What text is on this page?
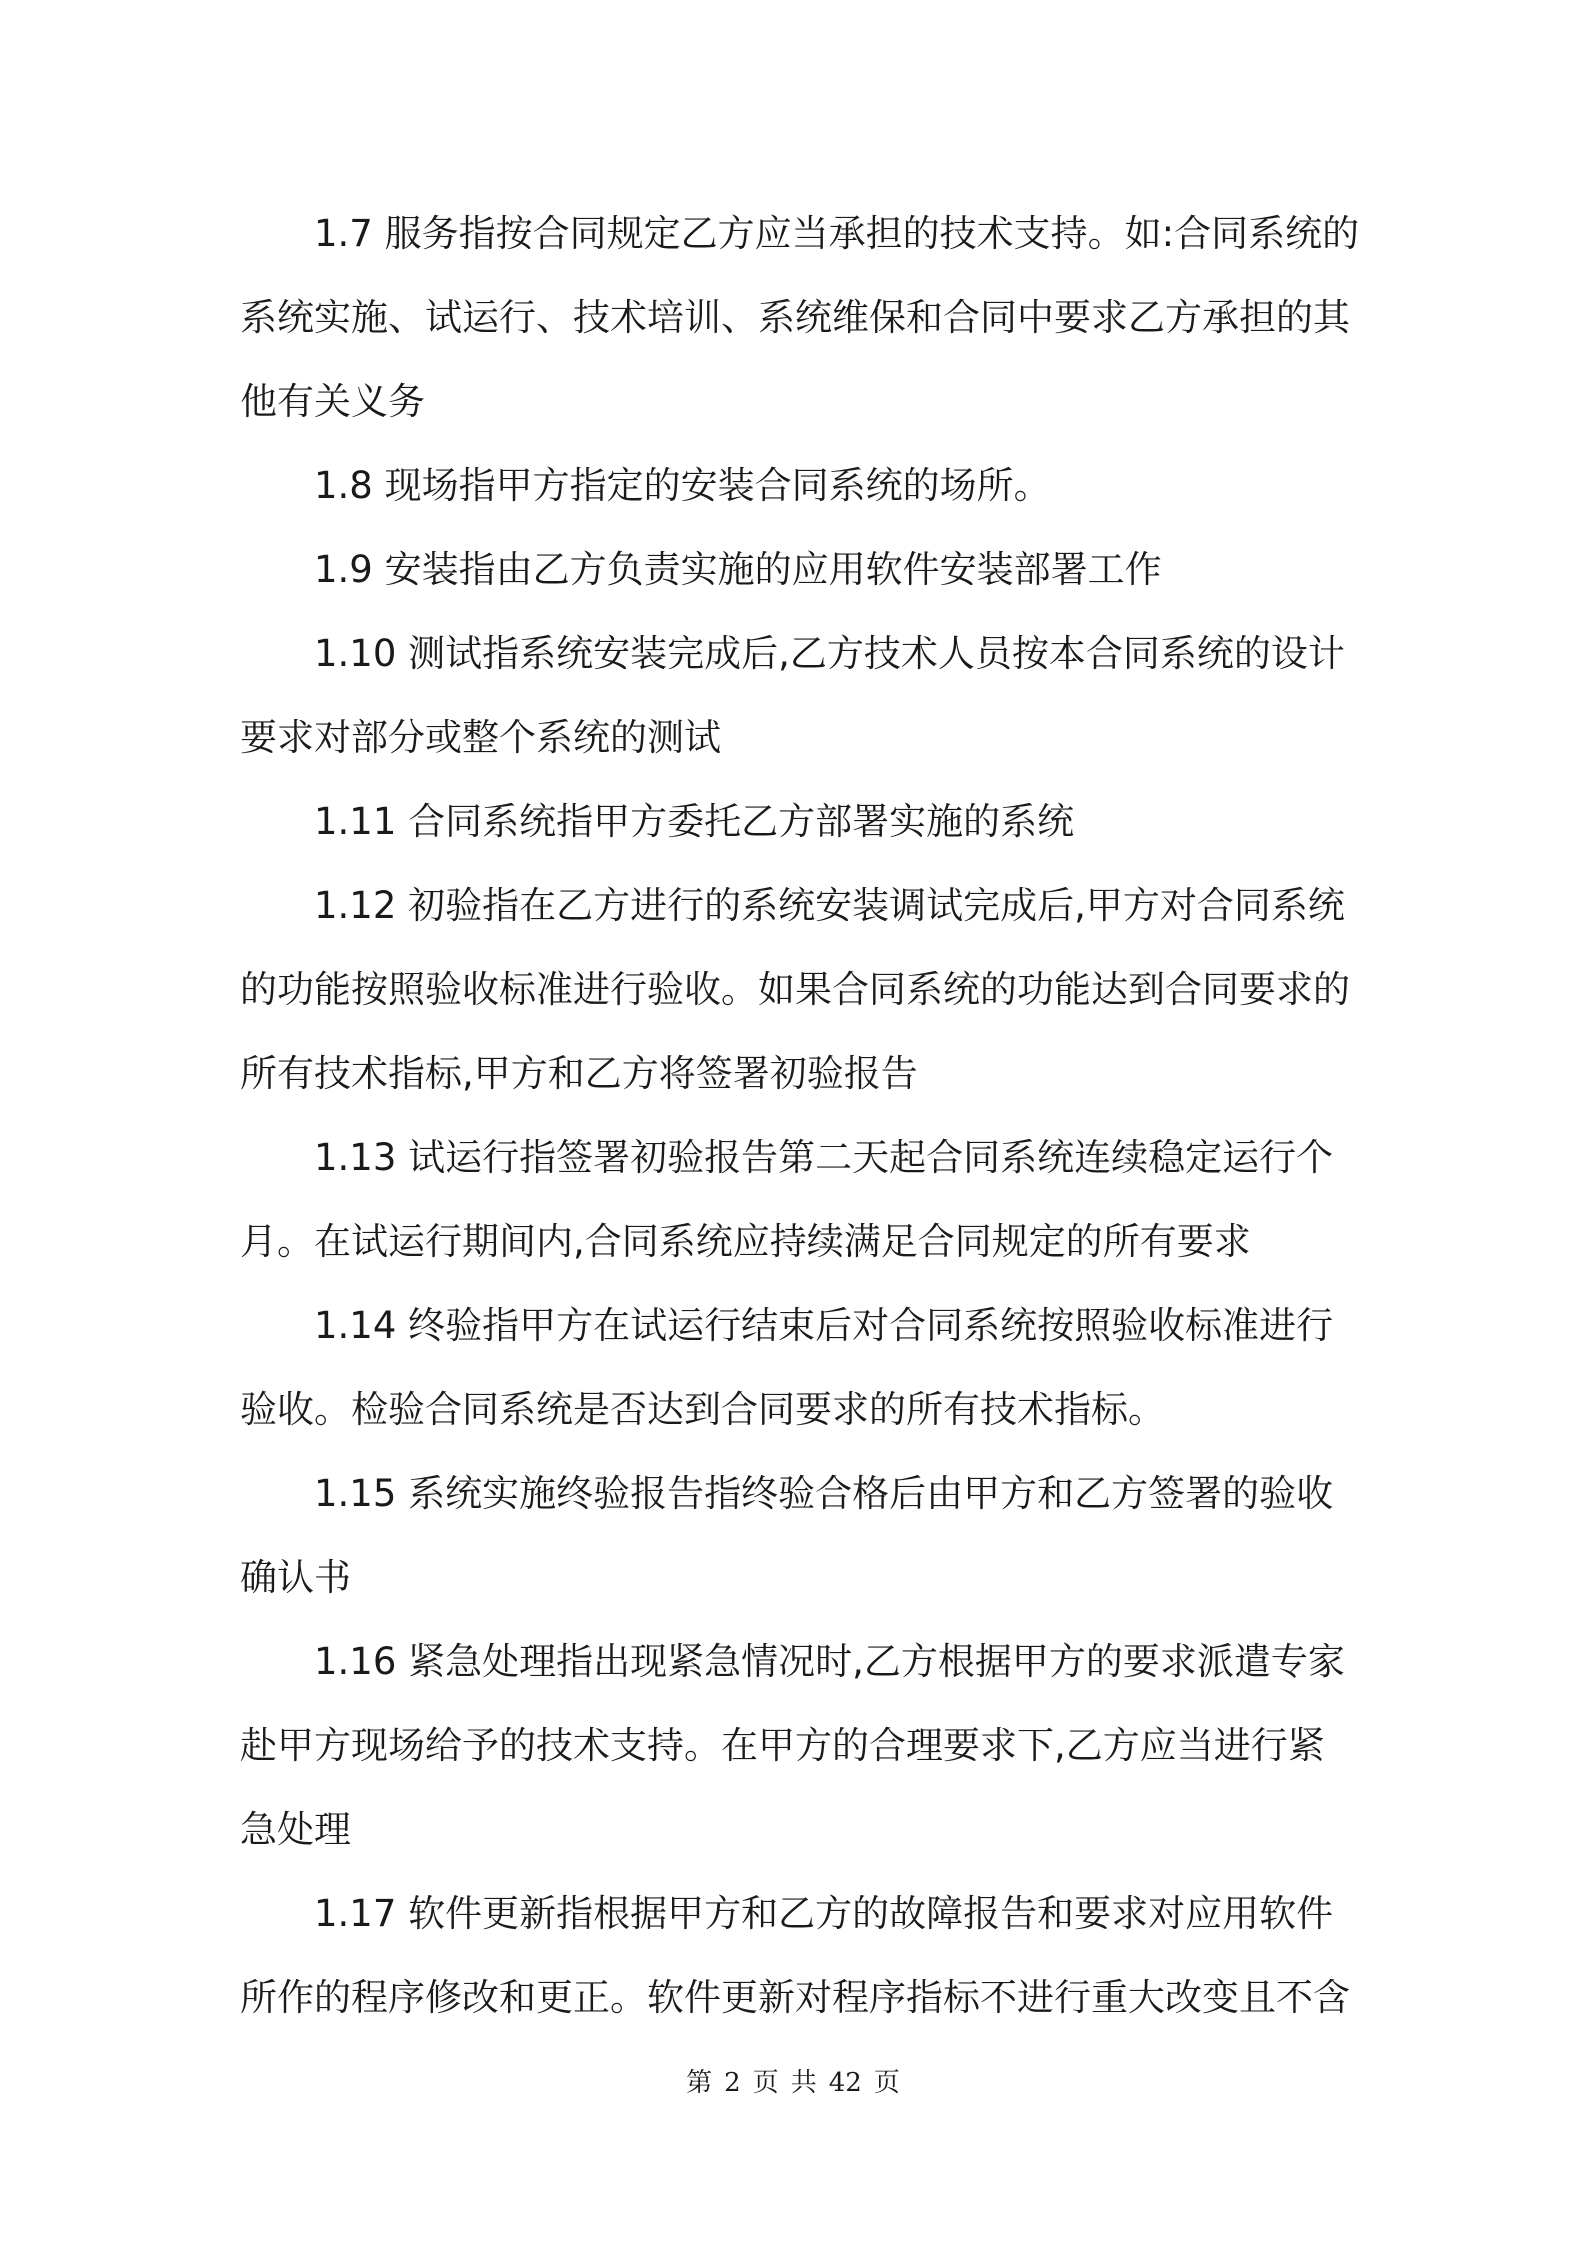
1.7 服务指按合同规定乙方应当承担的技术支持。如:合同系统的
系统实施、试运行、技术培训、系统维保和合同中要求乙方承担的其
他有关义务
1.8 现场指甲方指定的安装合同系统的场所。
1.9 安装指由乙方负责实施的应用软件安装部署工作
1.10 测试指系统安装完成后,乙方技术人员按本合同系统的设计
要求对部分或整个系统的测试
1.11 合同系统指甲方委托乙方部署实施的系统
1.12 初验指在乙方进行的系统安装调试完成后,甲方对合同系统
的功能按照验收标准进行验收。如果合同系统的功能达到合同要求的
所有技术指标,甲方和乙方将签署初验报告
1.13 试运行指签署初验报告第二天起合同系统连续稳定运行个
月。在试运行期间内,合同系统应持续满足合同规定的所有要求
1.14 终验指甲方在试运行结束后对合同系统按照验收标准进行
验收。检验合同系统是否达到合同要求的所有技术指标。
1.15 系统实施终验报告指终验合格后由甲方和乙方签署的验收
确认书
1.16 紧急处理指出现紧急情况时,乙方根据甲方的要求派遣专家
赴甲方现场给予的技术支持。在甲方的合理要求下,乙方应当进行紧
急处理
1.17 软件更新指根据甲方和乙方的故障报告和要求对应用软件
所作的程序修改和更正。软件更新对程序指标不进行重大改变且不含
第 2 页 共 42 页
